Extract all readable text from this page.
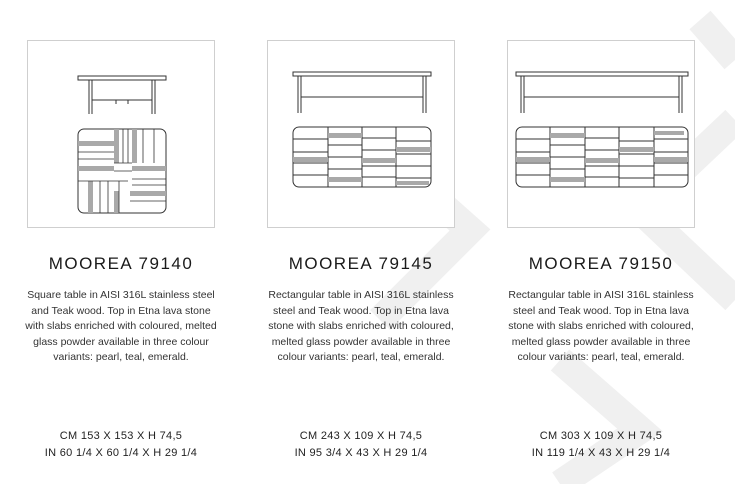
MOOREA 79140
Square table in AISI 316L stainless steel and Teak wood. Top in Etna lava stone with slabs enriched with coloured, melted glass powder available in three colour variants: pearl, teal, emerald.
CM 153 X 153 X H 74,5
IN 60 1/4 X 60 1/4 X H 29 1/4
MOOREA 79145
Rectangular table in AISI 316L stainless steel and Teak wood. Top in Etna lava stone with slabs enriched with coloured, melted glass powder available in three colour variants: pearl, teal, emerald.
CM 243 X 109 X H 74,5
IN 95 3/4 X 43 X H 29 1/4
MOOREA 79150
Rectangular table in AISI 316L stainless steel and Teak wood. Top in Etna lava stone with slabs enriched with coloured, melted glass powder available in three colour variants: pearl, teal, emerald.
CM 303 X 109 X H 74,5
IN 119 1/4 X 43 X H 29 1/4
